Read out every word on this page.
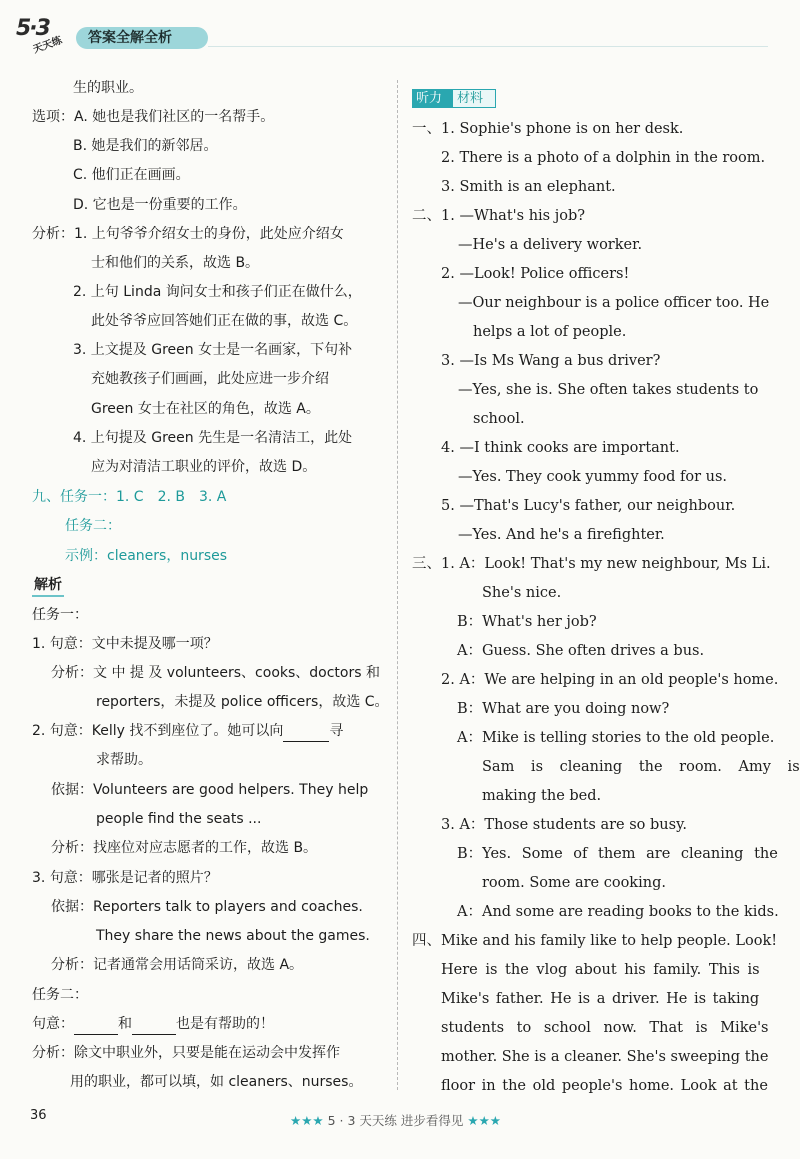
5·3
天天练	答案全解全析
生的职业。
选项：A. 她也是我们社区的一名帮手。
B. 她是我们的新邻居。
C. 他们正在画画。
D. 它也是一份重要的工作。
分析：1. 上句爷爷介绍女士的身份，此处应介绍女
士和他们的关系，故选 B。
2. 上句 Linda 询问女士和孩子们正在做什么，
此处爷爷应回答她们正在做的事，故选 C。
3. 上文提及 Green 女士是一名画家，下句补
充她教孩子们画画，此处应进一步介绍
Green 女士在社区的角色，故选 A。
4. 上句提及 Green 先生是一名清洁工，此处
应为对清洁工职业的评价，故选 D。
九、任务一：1. C　2. B　3. A
任务二：
示例：cleaners，nurses
解析
任务一：
1. 句意：文中未提及哪一项？
分析：文 中 提 及 volunteers、cooks、doctors 和
reporters，未提及 police officers，故选 C。
2. 句意：Kelly 找不到座位了。她可以向	寻
求帮助。
依据：Volunteers are good helpers. They help
people find the seats ...
分析：找座位对应志愿者的工作，故选 B。
3. 句意：哪张是记者的照片？
依据：Reporters talk to players and coaches.
They share the news about the games.
分析：记者通常会用话筒采访，故选 A。
任务二：
句意：	和	也是有帮助的！
分析：除文中职业外，只要是能在运动会中发挥作
用的职业，都可以填，如 cleaners、nurses。
听力	材料
一、1. Sophie's phone is on her desk.
2. There is a photo of a dolphin in the room.
3. Smith is an elephant.
二、1. —What's his job?
—He's a delivery worker.
2. —Look! Police officers!
—Our neighbour is a police officer too. He
helps a lot of people.
3. —Is Ms Wang a bus driver?
—Yes, she is. She often takes students to
school.
4. —I think cooks are important.
—Yes. They cook yummy food for us.
5. —That's Lucy's father, our neighbour.
—Yes. And he's a firefighter.
三、1. A：Look! That's my new neighbour, Ms Li.
She's nice.
B：What's her job?
A：Guess. She often drives a bus.
2. A：We are helping in an old people's home.
B：What are you doing now?
A：Mike is telling stories to the old people.
Sam is cleaning the room. Amy is
making the bed.
3. A：Those students are so busy.
B：Yes. Some of them are cleaning the
room. Some are cooking.
A：And some are reading books to the kids.
四、Mike and his family like to help people. Look!
Here is the vlog about his family. This is
Mike's father. He is a driver. He is taking
students to school now. That is Mike's
mother. She is a cleaner. She's sweeping the
floor in the old people's home. Look at the
36	★★★ 5 · 3 天天练 进步看得见 ★★★
